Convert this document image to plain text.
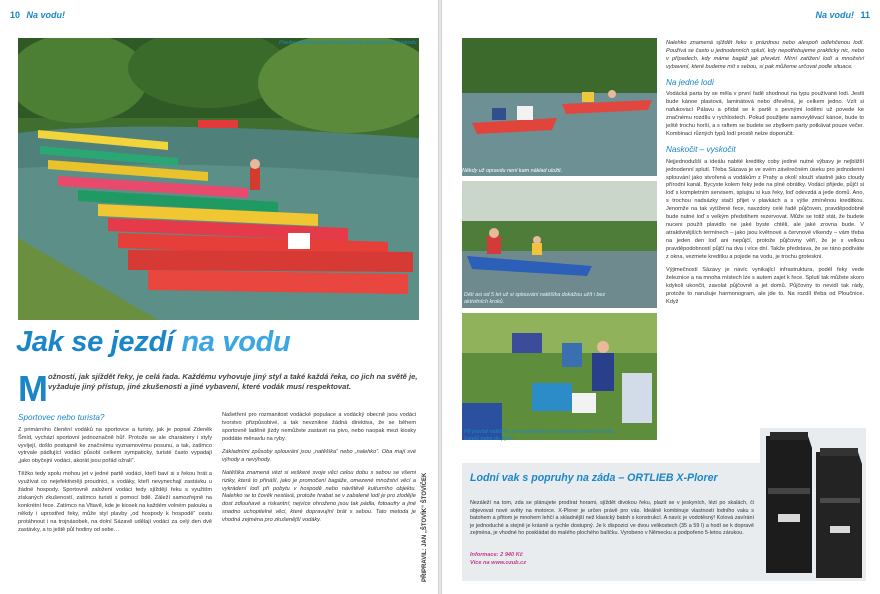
10 Na vodu!
Plavba natěšíka znamená prakticky nekonečnou svobodu.
Jak se jezdí na vodu
M ožností, jak sjíždět řeky, je celá řada. Každému vyhovuje jiný styl a také každá řeka, co jich na světě je, vyžaduje jiný přístup, jiné zkušenosti a jiné vybavení, které vodák musí respektovat.
Sportovec nebo turista?

Z primárního členění vodáků na sportovce a turisty, jak je popsal Zdeněk Šmíd, vychází sportovní jednoznačně hůř. Protože se ale charaktery i styly vyvíjejí, došlo postupně ke značnému vyznamovému posunu, a tak, zatímco vytrvale pádlující vodáci působí celkem sympaticky, turisté často vypadají „jako obyčejní vodáci, akorát jsou pořád ožralí“.

Těžko tedy spolu mohou jet v jedné partě vodáci, kteří baví si s řekou hrát a využívat co nejefektivněji proudnici, s vodáky, kteří nevynechají zastávku u žádné hospody. Sportovně založení vodáci tedy sjíždějí řeku s využitím získaných zkušeností, zatímco turisti s pomocí bdě. Záleží samozřejmě na konkrétní řece. Zatímco na Vltavě, kde je kiosek na každém volném palouku a někdy i uprostřed řeky, může styl plavby „od hospody k hospodě“ cestu protáhnout i na trojnásobek, na dolní Sázavě udělají vodáci za celý den dvě zastávky, a to ještě půl hodiny od sebe…

Našetření pro rozmanitost vodácké populace a vodácký obecně jsou vodáci tvorstvo přizpůsobivé, a tak nevznikne žádná direktiva, že se během sportovně laděné jízdy nemůžete zastavit na pivo, nebo naopak mezi kiosky poddáte měnavlu na ryby.

Základními způsoby splouvání jsou „natěšíka“ nebo „nalehko“. Oba mají své výhody a nevýhody.

Natěšíka znamená vézt si veškeré svoje věci celou dobu s sebou se všemi riziky, která to přináší, jako je promočení bagáže, omezené množství věcí a vykrádení lodí při pobytu v hospodě nebo návštěvě kulturního objektu. Nalehko se to čověk nestává, protože hrabat se v zabalené lodi je pro zlodějíe dost zdlouhavé a riskantní; nejvíce ohroženo jsou tak pádla, fotoaufry a jiné snadno uchopitelné věci, které dopravujíní brát s sebou. Tato metoda je vhodná zejména pro zkušenější vodáky.	PŘIPRAVIL: JAN „ŠTOVÍK“ ŠTOVÍČEK
Na vodu! 11
Někdy už opravdu není kam náklad uložit.
Děti asi od 5 let už si splouvání natěšíka dokážou užít i bez aktivitních kroků.
Při plavbě natěšíka se neobejdete bez pečlivého balení bud do barelů nebo do pytle.

Nalehko znamená sjíždět řeku s prázdnou nebo alespoň odlehčenou lodí. Používá se často u jednodenních splutí, kdy nepotřebujeme prakticky nic, nebo v případech, kdy máme bagáž jak převézt. Mírní zatížení lodí a množství vybavení, které budeme mít s sebou, si pak můžeme určovat podle situace.

Na jedné lodi

Vodácká parta by se měla v první řadě shodnout na typu používané lodi. Jestli bude kánoe plastová, laminátová nebo dřevěná, je celkem jedno. Vzít si nafukovací Pálavu a přidat se k partě s pevnými loděmi už povede ke značnému rozdílu v rychlostech. Pokud použijete samovylévací kánoe, bude to ještě trochu horší, a s raftem se budete se zbytkem party potkávat pouze večer. Kombinaci různých typů lodí prostě nelze doporučit.

Naskočit – vyskočit

Nejjednodušší a ideálu nabité kreditky coby jediné nutné výbavy je nejbližší jednodenní splutí. Třeba Sázava je ve svém závěrečném úseku pro jednodenní splouvání jako stvořená a vodákům z Prahy a okolí slouží vlastně jako cloudy přírodní kanál. Bycyste kolem řeky jede na plné obrátky. Vodáci přijede, půjčí si loď s kompletním servisem, splujou si kus řeky, loď odevzdá a jede domů. Ano, s trochou nadsázky stačí přijet v plavkách a s výše zmíněnou kreditkou. Jenomže na tak vytížené řece, navzdory celé řadě půjčoven, pravděpodobně bude nutné loď s velkým předstihem rezervovat. Může se totiž stát, že budete nuceni použít plavidlo ne jaké byste chtěli, ale jaké zrovna bude. V atraktivnějších termínech – jako jsou květnové a červnové víkendy – vám třeba na jeden den loď ani nepůjčí, protože půjčovny věří, že je s velkou pravděpodobností půjčí na dva i více dní. Takže představa, že se ráno podíváte z okna, vezmete kreditku a pojede na vodu, je trochu groteskní.

Výjimečností Sázavy je navíc vynikající infrastruktura, podél řeky vede železnice a na mnoha místech lze s autem zajet k řece. Splutí tak můžete skoro kdykoli ukončit, zavolat půjčovně a jet domů. Půjčovny to nevidí tak rády, protože to narušuje harmonogram, ale jde to. Na rozdíl třeba od Ploučnice. Když

Lodní vak s popruhy na záda – ORTLIEB X-Plorer
Nezáleží na tom, zda se plánujete prodírat horami, sjíždět divokou řeku, plazit se v jeskyních, lézt po skalách, či objevovat nové světy na motorce. X-Plorer je určen právě pro vás. Ideálně kombinuje vlastnosti lodního vaku s batohem a přitom je mnohem lehčí a skladnější než klasický batoh s konstrukcí. A navíc je vodotěsný! Kolová zavírání je jednoduché a stejně je krásně a rychle dostupný. Je k dispozici ve dvou velikostech (35 a 59 l) a hodí se k dopravě zejména, je vhodné ho poskládat do malého plochého balíčku. Vyrobeno v Německu a podpořeno 5-letou zárukou.
Informace: 2 940 Kč
Více na www.ozub.cz
